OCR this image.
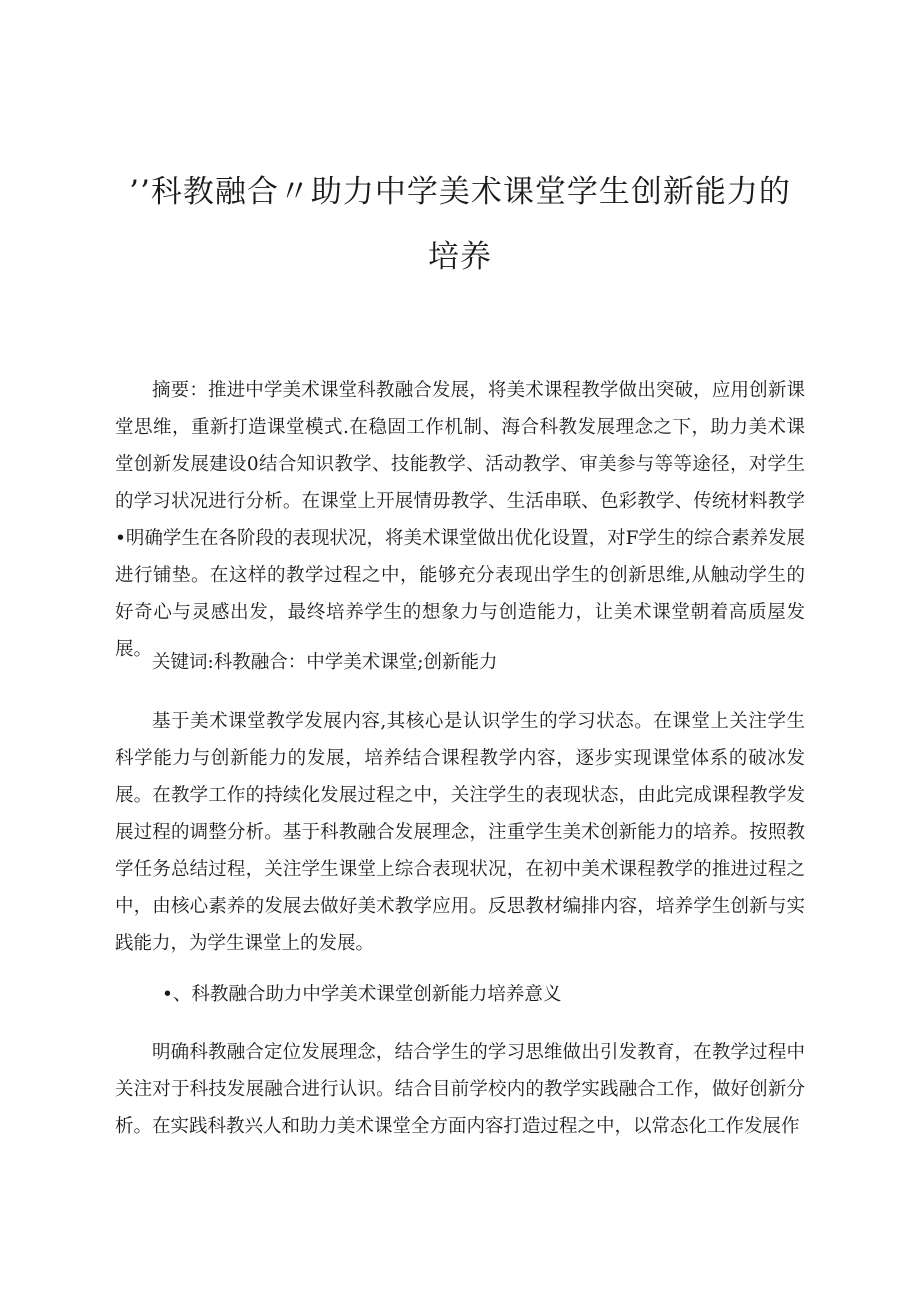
’’科教融合〃助力中学美术课堂学生创新能力的
培养

摘要：推进中学美术课堂科教融合发展，将美术课程教学做出突破，应用创新课堂思维，重新打造课堂模式.在稳固工作机制、海合科教发展理念之下，助力美术课堂创新发展建设0结合知识教学、技能教学、活动教学、审美参与等等途径，对学生的学习状况进行分析。在课堂上开展情毋教学、生活串联、色彩教学、传统材料教学•明确学生在各阶段的表现状况，将美术课堂做出优化设置，对F学生的综合素养发展进行铺垫。在这样的教学过程之中，能够充分表现出学生的创新思维,从触动学生的好奇心与灵感出发，最终培养学生的想象力与创造能力，让美术课堂朝着高质屋发展。

关键词:科教融合：中学美术课堂;创新能力

基于美术课堂教学发展内容,其核心是认识学生的学习状态。在课堂上关注学生科学能力与创新能力的发展，培养结合课程教学内容，逐步实现课堂体系的破冰发展。在教学工作的持续化发展过程之中，关注学生的表现状态，由此完成课程教学发展过程的调整分析。基于科教融合发展理念，注重学生美术创新能力的培养。按照教学任务总结过程，关注学生课堂上综合表现状况，在初中美术课程教学的推进过程之中，由核心素养的发展去做好美术教学应用。反思教材编排内容，培养学生创新与实践能力，为学生课堂上的发展。

•、科教融合助力中学美术课堂创新能力培养意义

明确科教融合定位发展理念，结合学生的学习思维做出引发教育，在教学过程中关注对于科技发展融合进行认识。结合目前学校内的教学实践融合工作，做好创新分析。在实践科教兴人和助力美术课堂全方面内容打造过程之中，以常态化工作发展作
